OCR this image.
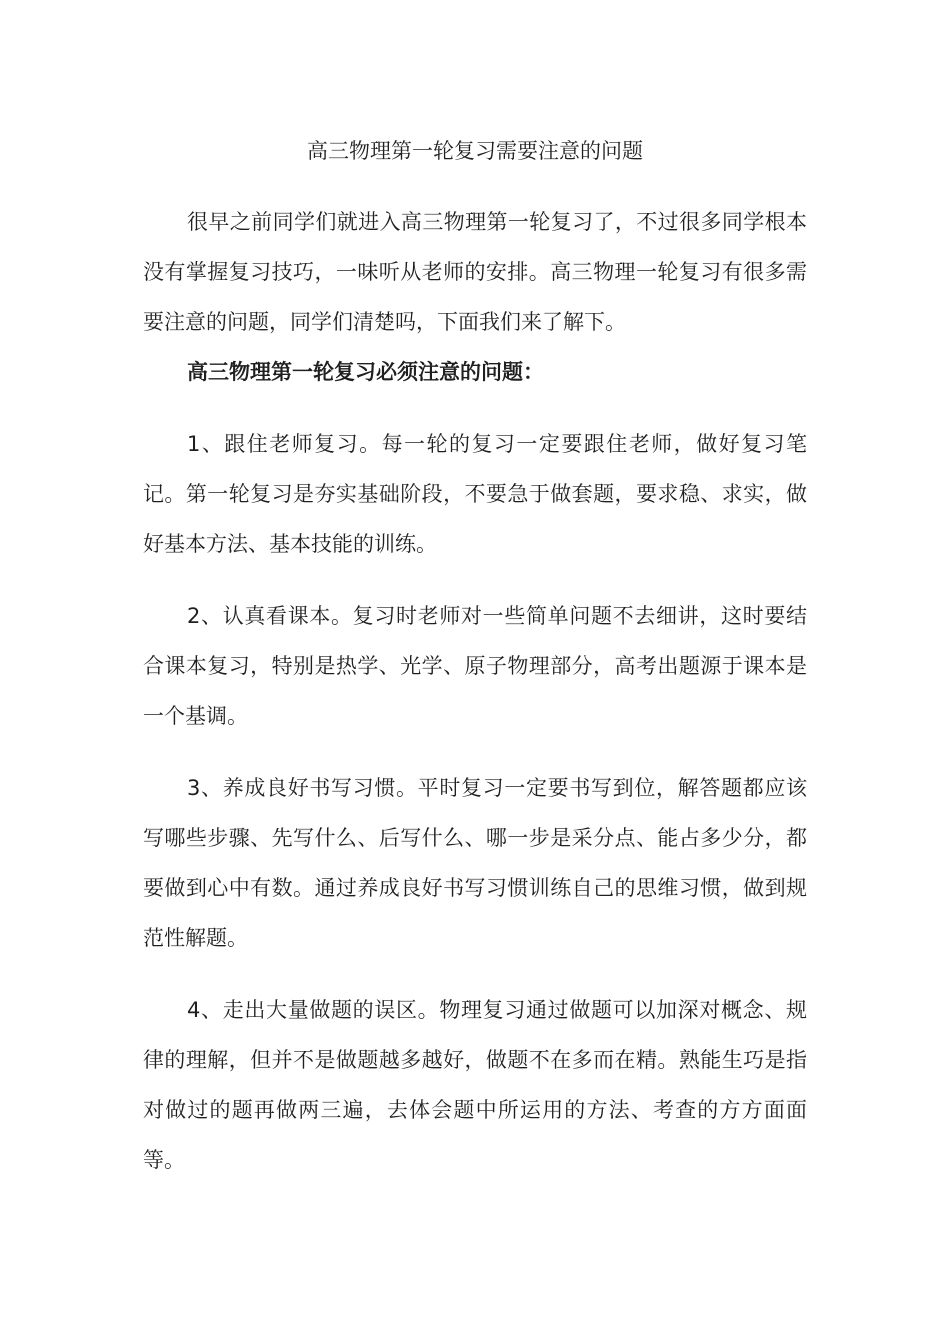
高三物理第一轮复习需要注意的问题

很早之前同学们就进入高三物理第一轮复习了，不过很多同学根本没有掌握复习技巧，一味听从老师的安排。高三物理一轮复习有很多需要注意的问题，同学们清楚吗，下面我们来了解下。

高三物理第一轮复习必须注意的问题：

1、跟住老师复习。每一轮的复习一定要跟住老师，做好复习笔记。第一轮复习是夯实基础阶段，不要急于做套题，要求稳、求实，做好基本方法、基本技能的训练。

2、认真看课本。复习时老师对一些简单问题不去细讲，这时要结合课本复习，特别是热学、光学、原子物理部分，高考出题源于课本是一个基调。

3、养成良好书写习惯。平时复习一定要书写到位，解答题都应该写哪些步骤、先写什么、后写什么、哪一步是采分点、能占多少分，都要做到心中有数。通过养成良好书写习惯训练自己的思维习惯，做到规范性解题。

4、走出大量做题的误区。物理复习通过做题可以加深对概念、规律的理解，但并不是做题越多越好，做题不在多而在精。熟能生巧是指对做过的题再做两三遍，去体会题中所运用的方法、考查的方方面面等。
